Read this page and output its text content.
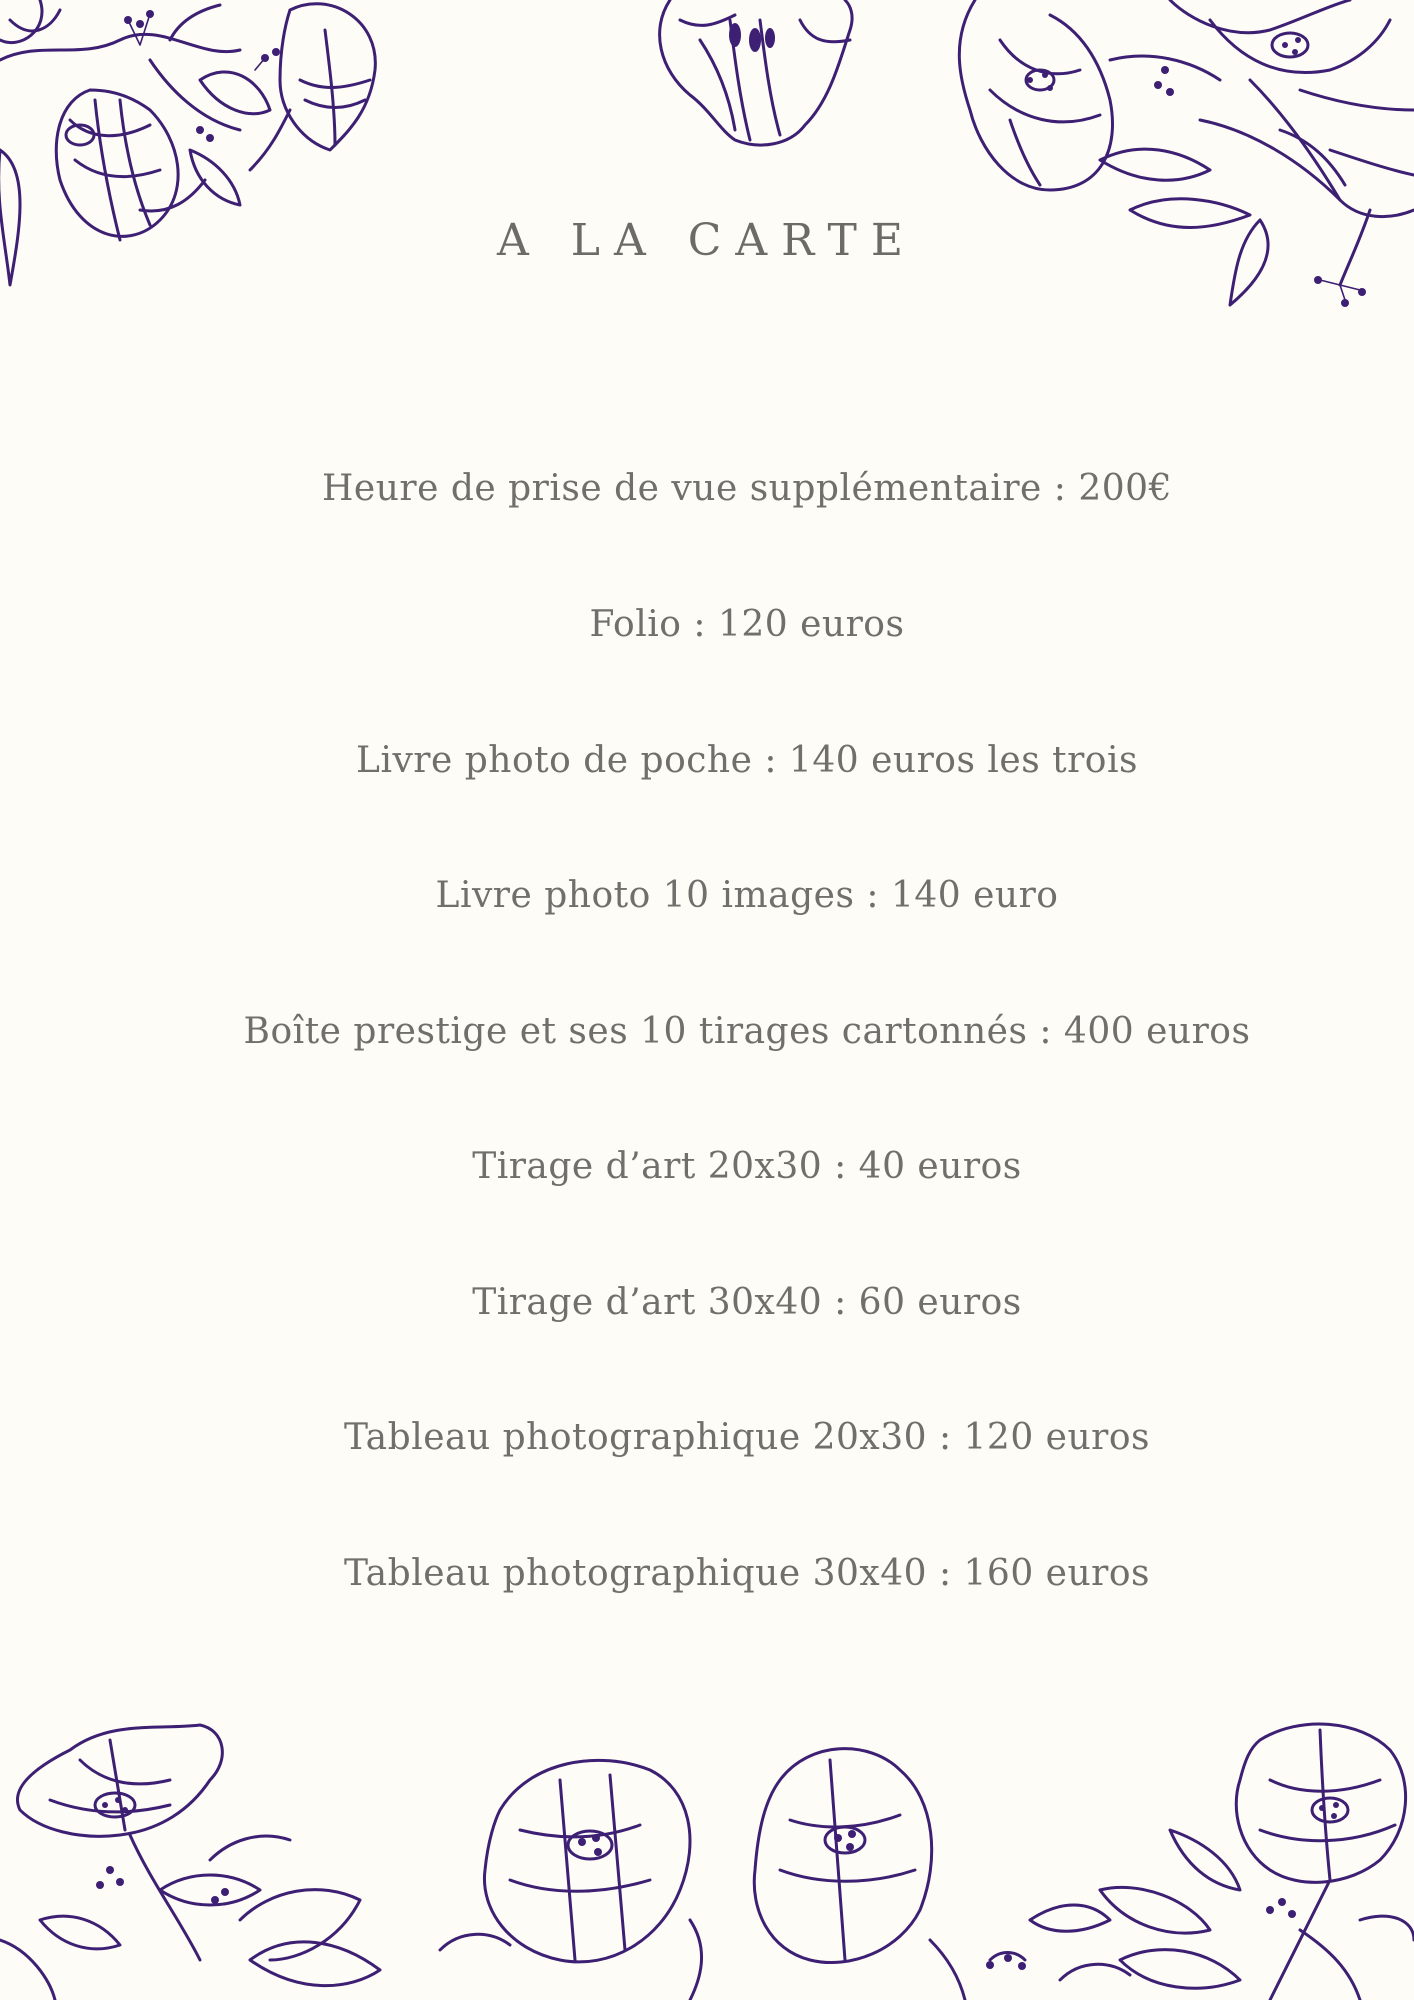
A LA CARTE

Heure de prise de vue supplémentaire : 200€

Folio : 120 euros

Livre photo de poche : 140 euros les trois

Livre photo 10 images : 140 euro

Boîte prestige et ses 10 tirages cartonnés : 400 euros

Tirage d’art 20x30 : 40 euros

Tirage d’art 30x40 : 60 euros

Tableau photographique 20x30 : 120 euros

Tableau photographique 30x40 : 160 euros
